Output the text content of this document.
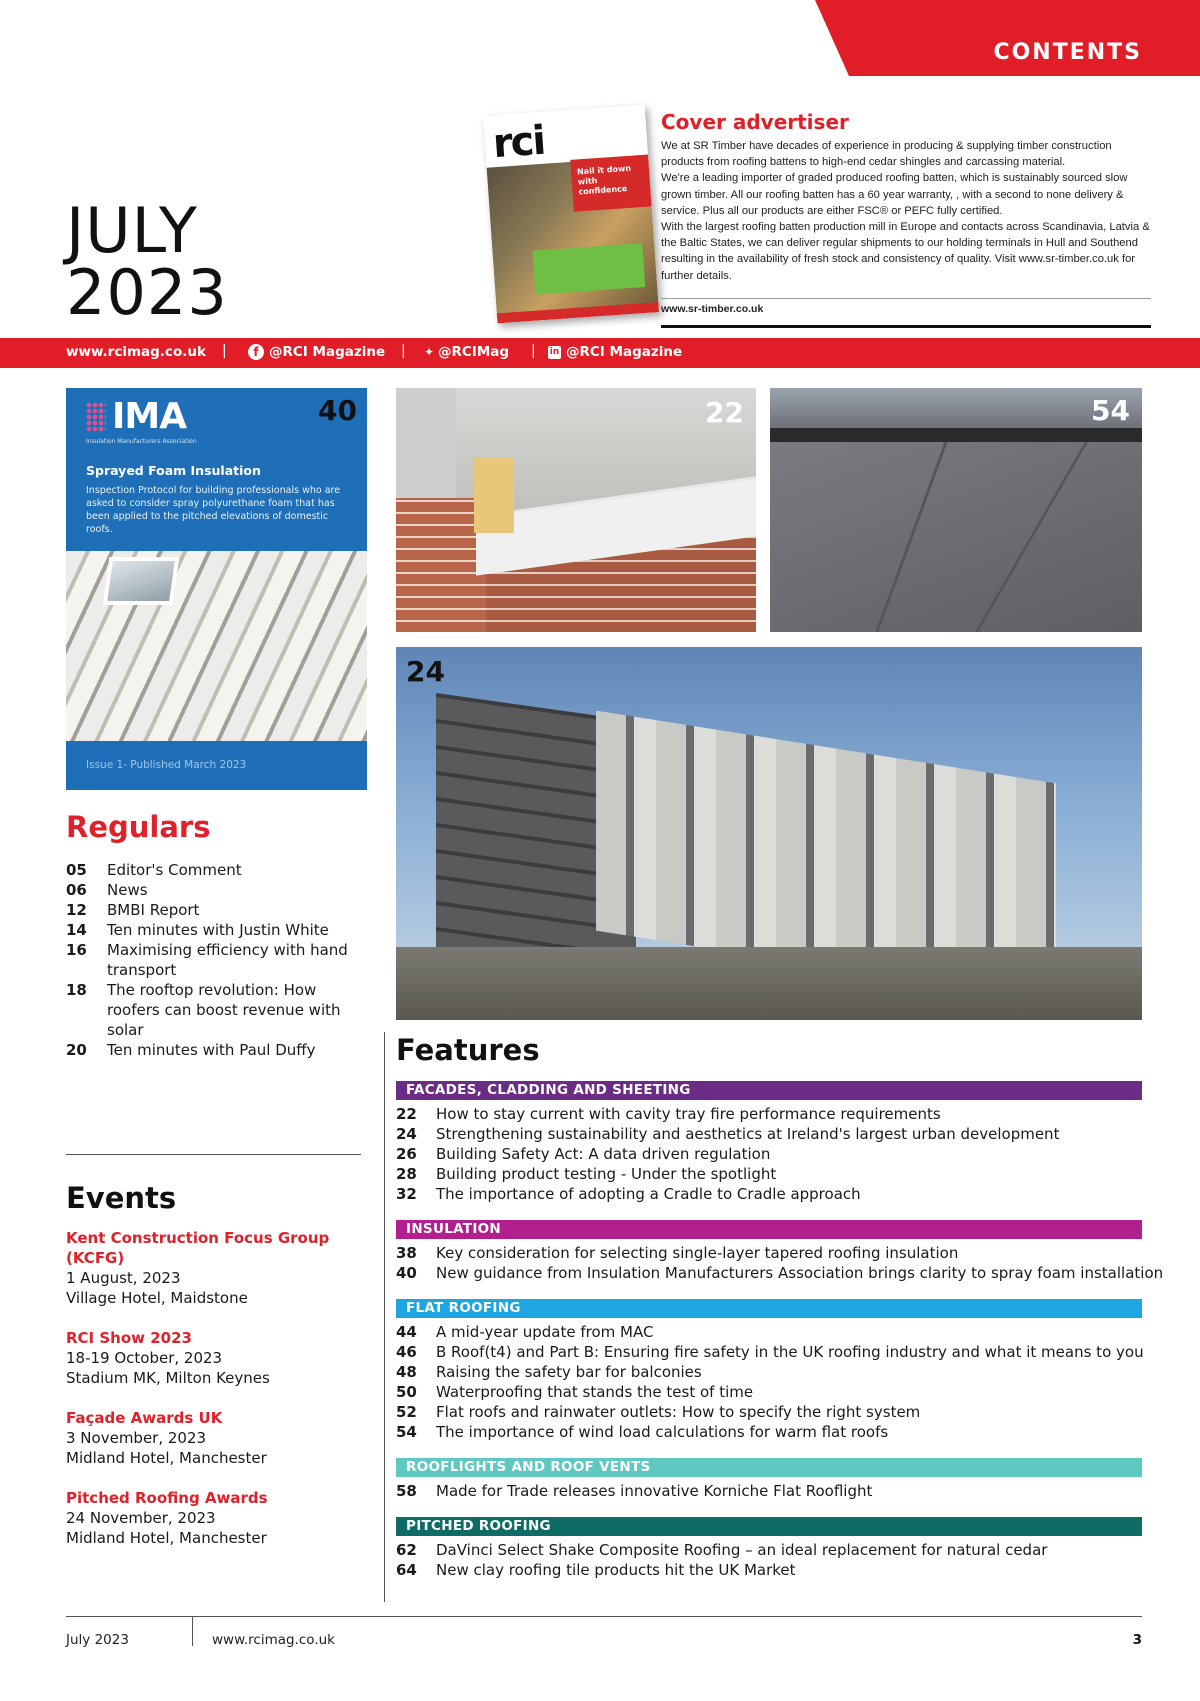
CONTENTS
JULY
2023
rci
Nail it down with confidence
Cover advertiser

We at SR Timber have decades of experience in producing & supplying timber construction products from roofing battens to high-end cedar shingles and carcassing material.

We're a leading importer of graded produced roofing batten, which is sustainably sourced slow grown timber. All our roofing batten has a 60 year warranty, , with a second to none delivery & service. Plus all our products are either FSC® or PEFC fully certified.

With the largest roofing batten production mill in Europe and contacts across Scandinavia, Latvia & the Baltic States, we can deliver regular shipments to our holding terminals in Hull and Southend resulting in the availability of fresh stock and consistency of quality. Visit www.sr-timber.co.uk for further details.

www.sr-timber.co.uk
www.rcimag.co.uk |	f @RCI Magazine | ✦ @RCIMag | in @RCI Magazine
IMA
Insulation Manufacturers Association
Sprayed Foam Insulation
Inspection Protocol for building professionals who are asked to consider spray polyurethane foam that has been applied to the pitched elevations of domestic roofs.
Issue 1- Published March 2023
40	22	54
24
Regulars
05	Editor's Comment
06	News
12	BMBI Report
14	Ten minutes with Justin White
16	Maximising efficiency with hand transport
18	The rooftop revolution: How roofers can boost revenue with solar
20	Ten minutes with Paul Duffy
Events
Kent Construction Focus Group (KCFG)
1 August, 2023
Village Hotel, Maidstone
RCI Show 2023
18-19 October, 2023
Stadium MK, Milton Keynes
Façade Awards UK
3 November, 2023
Midland Hotel, Manchester
Pitched Roofing Awards
24 November, 2023
Midland Hotel, Manchester
Features
FACADES, CLADDING AND SHEETING
22	How to stay current with cavity tray fire performance requirements
24	Strengthening sustainability and aesthetics at Ireland's largest urban development
26	Building Safety Act: A data driven regulation
28	Building product testing - Under the spotlight
32	The importance of adopting a Cradle to Cradle approach
INSULATION
38	Key consideration for selecting single-layer tapered roofing insulation
40	New guidance from Insulation Manufacturers Association brings clarity to spray foam installation
FLAT ROOFING
44	A mid-year update from MAC
46	B Roof(t4) and Part B: Ensuring fire safety in the UK roofing industry and what it means to you
48	Raising the safety bar for balconies
50	Waterproofing that stands the test of time
52	Flat roofs and rainwater outlets: How to specify the right system
54	The importance of wind load calculations for warm flat roofs
ROOFLIGHTS AND ROOF VENTS
58	Made for Trade releases innovative Korniche Flat Rooflight
PITCHED ROOFING
62	DaVinci Select Shake Composite Roofing – an ideal replacement for natural cedar
64	New clay roofing tile products hit the UK Market
July 2023	www.rcimag.co.uk	3
